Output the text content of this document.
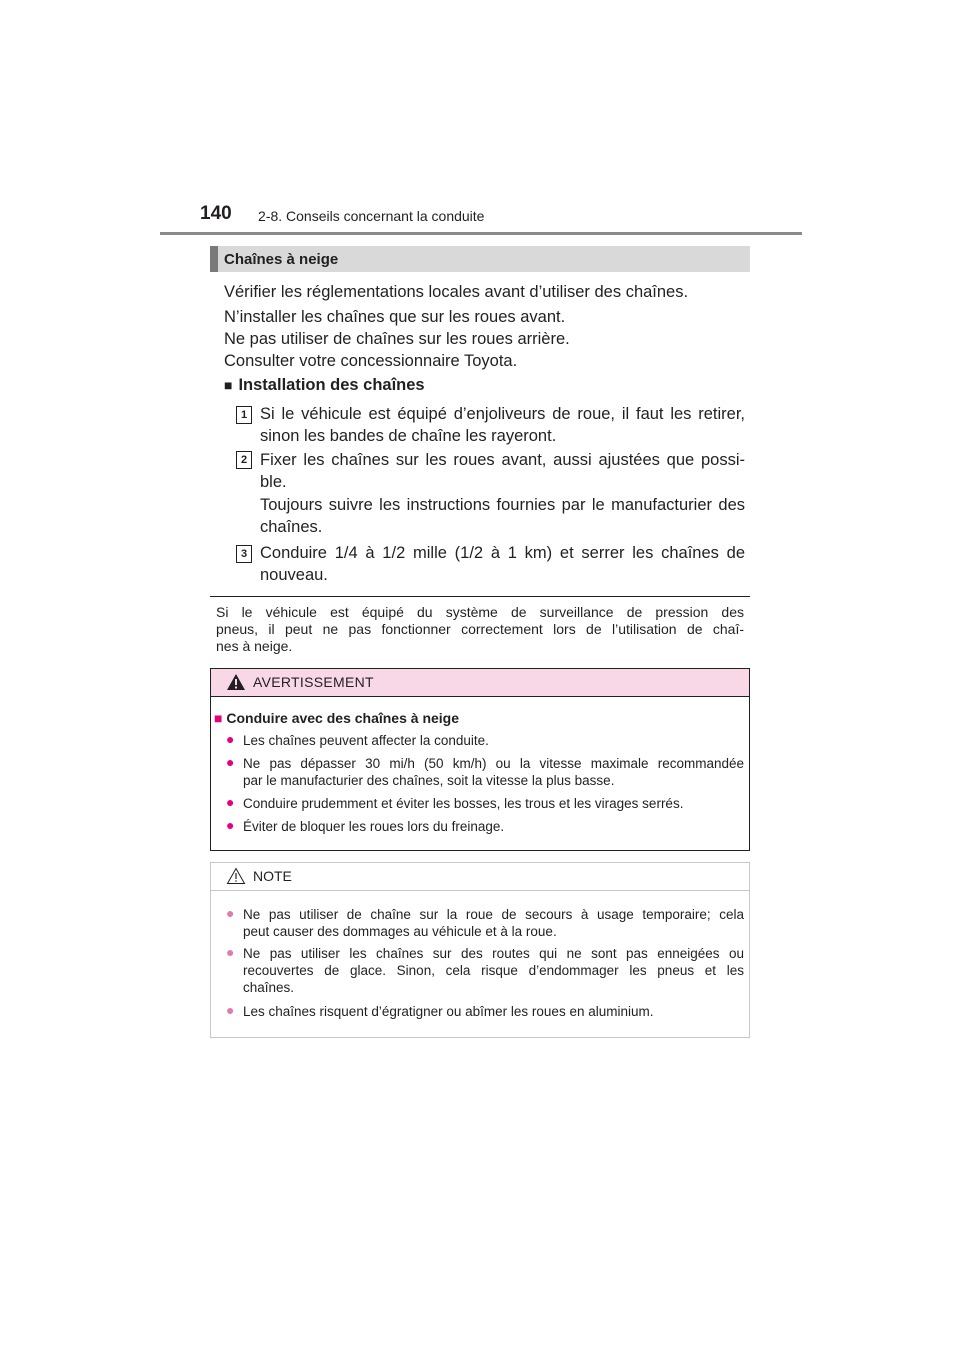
140 2-8. Conseils concernant la conduite
Chaînes à neige
Vérifier les réglementations locales avant d’utiliser des chaînes.
N’installer les chaînes que sur les roues avant.
Ne pas utiliser de chaînes sur les roues arrière.
Consulter votre concessionnaire Toyota.
■ Installation des chaînes
1 Si le véhicule est équipé d’enjoliveurs de roue, il faut les retirer,
sinon les bandes de chaîne les rayeront.
2 Fixer les chaînes sur les roues avant, aussi ajustées que possi-
ble.
Toujours suivre les instructions fournies par le manufacturier des
chaînes.
3 Conduire 1/4 à 1/2 mille (1/2 à 1 km) et serrer les chaînes de
nouveau.
Si le véhicule est équipé du système de surveillance de pression des
pneus, il peut ne pas fonctionner correctement lors de l’utilisation de chaî-
nes à neige.
AVERTISSEMENT
■ Conduire avec des chaînes à neige
● Les chaînes peuvent affecter la conduite.
● Ne pas dépasser 30 mi/h (50 km/h) ou la vitesse maximale recommandée
par le manufacturier des chaînes, soit la vitesse la plus basse.
● Conduire prudemment et éviter les bosses, les trous et les virages serrés.
● Éviter de bloquer les roues lors du freinage.
NOTE
● Ne pas utiliser de chaîne sur la roue de secours à usage temporaire; cela
peut causer des dommages au véhicule et à la roue.
● Ne pas utiliser les chaînes sur des routes qui ne sont pas enneigées ou
recouvertes de glace. Sinon, cela risque d’endommager les pneus et les
chaînes.
● Les chaînes risquent d’égratigner ou abîmer les roues en aluminium.
